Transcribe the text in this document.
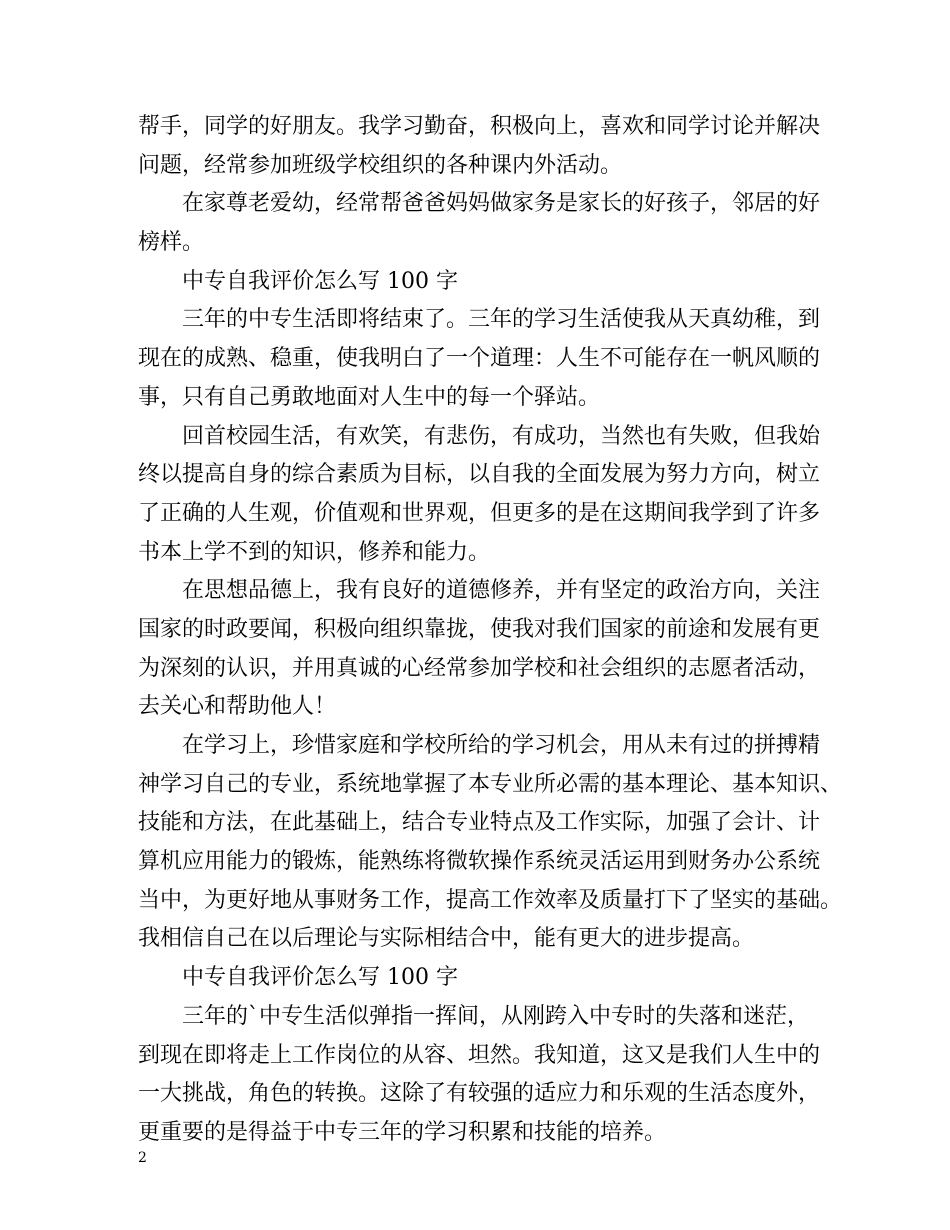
帮手，同学的好朋友。我学习勤奋，积极向上，喜欢和同学讨论并解决
问题，经常参加班级学校组织的各种课内外活动。
在家尊老爱幼，经常帮爸爸妈妈做家务是家长的好孩子，邻居的好
榜样。
中专自我评价怎么写 100 字
三年的中专生活即将结束了。三年的学习生活使我从天真幼稚，到
现在的成熟、稳重，使我明白了一个道理：人生不可能存在一帆风顺的
事，只有自己勇敢地面对人生中的每一个驿站。
回首校园生活，有欢笑，有悲伤，有成功，当然也有失败，但我始
终以提高自身的综合素质为目标，以自我的全面发展为努力方向，树立
了正确的人生观，价值观和世界观，但更多的是在这期间我学到了许多
书本上学不到的知识，修养和能力。
在思想品德上，我有良好的道德修养，并有坚定的政治方向，关注
国家的时政要闻，积极向组织靠拢，使我对我们国家的前途和发展有更
为深刻的认识，并用真诚的心经常参加学校和社会组织的志愿者活动，
去关心和帮助他人！
在学习上，珍惜家庭和学校所给的学习机会，用从未有过的拼搏精
神学习自己的专业，系统地掌握了本专业所必需的基本理论、基本知识、
技能和方法，在此基础上，结合专业特点及工作实际，加强了会计、计
算机应用能力的锻炼，能熟练将微软操作系统灵活运用到财务办公系统
当中，为更好地从事财务工作，提高工作效率及质量打下了坚实的基础。
我相信自己在以后理论与实际相结合中，能有更大的进步提高。
中专自我评价怎么写 100 字
三年的`中专生活似弹指一挥间，从刚跨入中专时的失落和迷茫，
到现在即将走上工作岗位的从容、坦然。我知道，这又是我们人生中的
一大挑战，角色的转换。这除了有较强的适应力和乐观的生活态度外，
更重要的是得益于中专三年的学习积累和技能的培养。
2
